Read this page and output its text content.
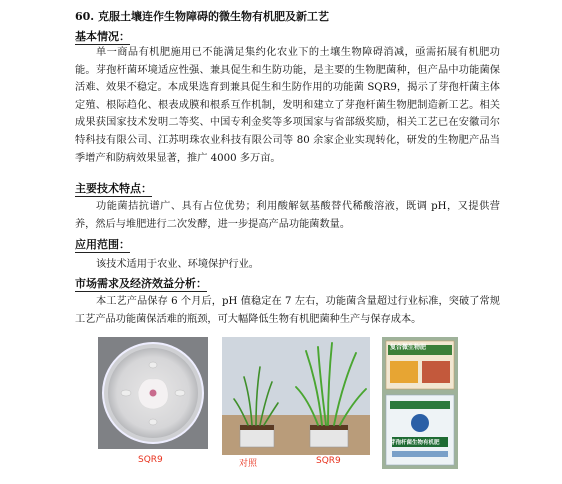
60. 克服土壤连作生物障碍的微生物有机肥及新工艺
基本情况：
单一商品有机肥施用已不能满足集约化农业下的土壤生物障碍消减，亟需拓展有机肥功能。芽孢杆菌环境适应性强、兼具促生和生防功能，是主要的生物肥菌种，但产品中功能菌保活难、效果不稳定。本成果选育到兼具促生和生防作用的功能菌 SQR9，揭示了芽孢杆菌主体定殖、根际趋化、根表成膜和根系互作机制，发明和建立了芽孢杆菌生物肥制造新工艺。相关成果获国家技术发明二等奖、中国专利金奖等多项国家与省部级奖励，相关工艺已在安徽司尔特科技有限公司、江苏明珠农业科技有限公司等 80 余家企业实现转化，研发的生物肥产品当季增产和防病效果显著，推广 4000 多万亩。
主要技术特点：
功能菌拮抗谱广、具有占位优势；利用酸解氨基酸替代稀酸溶液，既调 pH，又提供营养，然后与堆肥进行二次发酵，进一步提高产品功能菌数量。
应用范围：
该技术适用于农业、环境保护行业。
市场需求及经济效益分析：
本工艺产品保存 6 个月后，pH 值稳定在 7 左右，功能菌含量超过行业标准，突破了常规工艺产品功能菌保活难的瓶颈，可大幅降低生物有机肥菌种生产与保存成本。
SQR9	对照	SQR9
复合微生物肥
芽孢杆菌生物有机肥
